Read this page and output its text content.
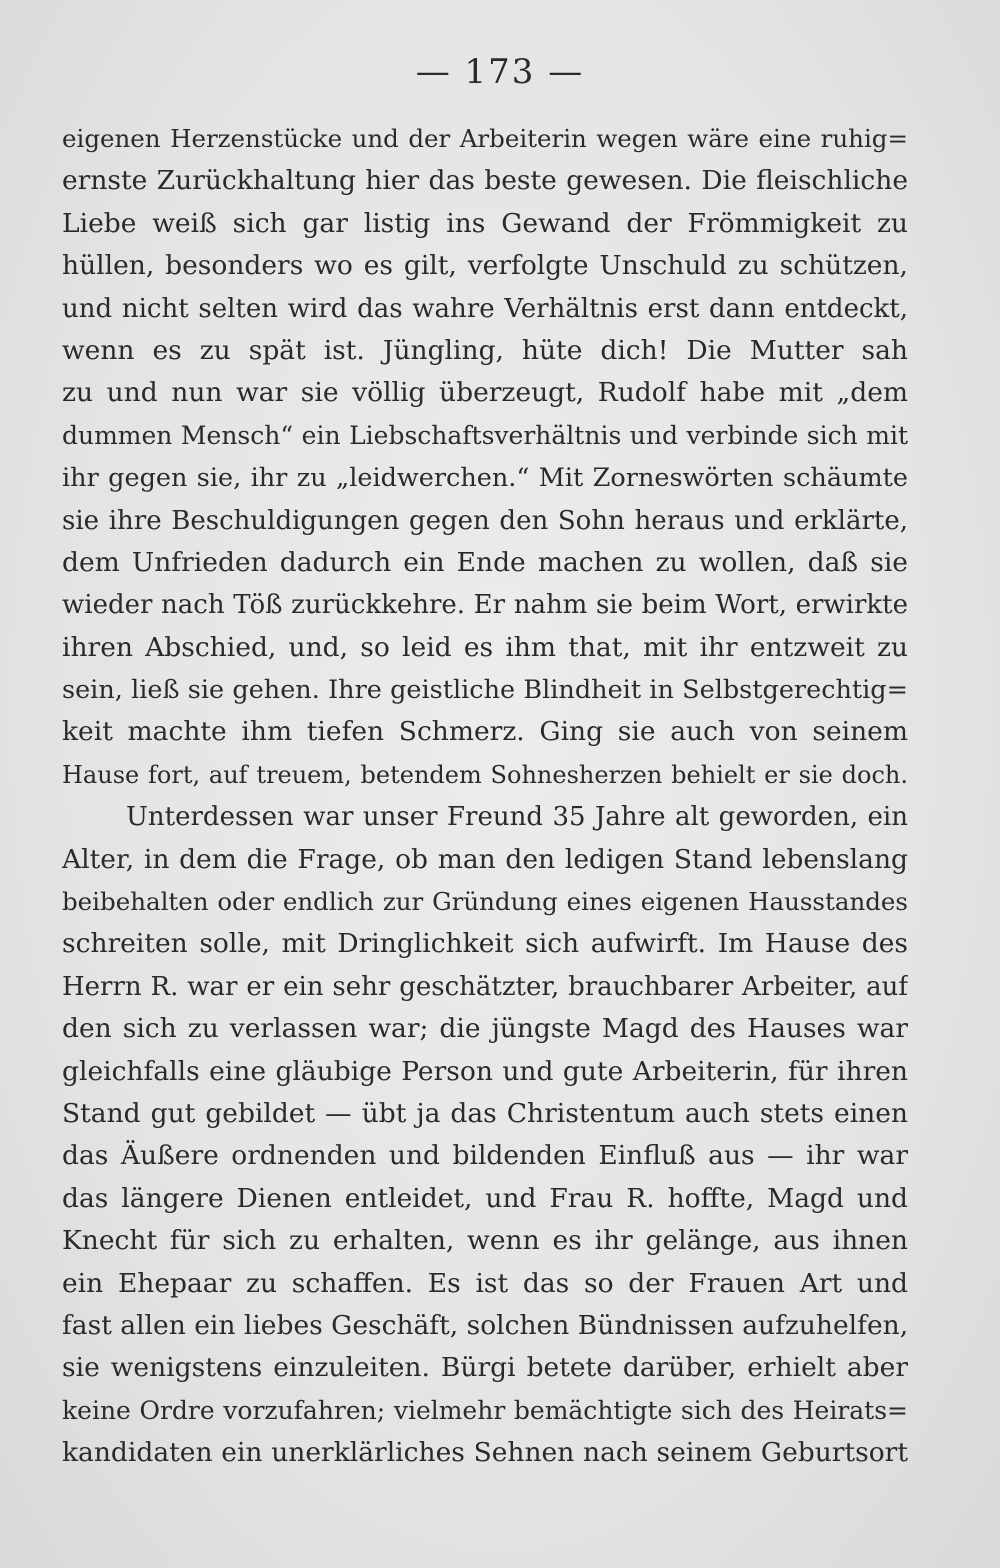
— 173 —
eigenen Herzenstücke und der Arbeiterin wegen wäre eine ruhig=
ernste Zurückhaltung hier das beste gewesen. Die fleischliche
Liebe weiß sich gar listig ins Gewand der Frömmigkeit zu
hüllen, besonders wo es gilt, verfolgte Unschuld zu schützen,
und nicht selten wird das wahre Verhältnis erst dann entdeckt,
wenn es zu spät ist. Jüngling, hüte dich! Die Mutter sah
zu und nun war sie völlig überzeugt, Rudolf habe mit „dem
dummen Mensch“ ein Liebschaftsverhältnis und verbinde sich mit
ihr gegen sie, ihr zu „leidwerchen.“ Mit Zorneswörten schäumte
sie ihre Beschuldigungen gegen den Sohn heraus und erklärte,
dem Unfrieden dadurch ein Ende machen zu wollen, daß sie
wieder nach Töß zurückkehre. Er nahm sie beim Wort, erwirkte
ihren Abschied, und, so leid es ihm that, mit ihr entzweit zu
sein, ließ sie gehen. Ihre geistliche Blindheit in Selbstgerechtig=
keit machte ihm tiefen Schmerz. Ging sie auch von seinem
Hause fort, auf treuem, betendem Sohnesherzen behielt er sie doch.
Unterdessen war unser Freund 35 Jahre alt geworden, ein
Alter, in dem die Frage, ob man den ledigen Stand lebenslang
beibehalten oder endlich zur Gründung eines eigenen Hausstandes
schreiten solle, mit Dringlichkeit sich aufwirft. Im Hause des
Herrn R. war er ein sehr geschätzter, brauchbarer Arbeiter, auf
den sich zu verlassen war; die jüngste Magd des Hauses war
gleichfalls eine gläubige Person und gute Arbeiterin, für ihren
Stand gut gebildet — übt ja das Christentum auch stets einen
das Äußere ordnenden und bildenden Einfluß aus — ihr war
das längere Dienen entleidet, und Frau R. hoffte, Magd und
Knecht für sich zu erhalten, wenn es ihr gelänge, aus ihnen
ein Ehepaar zu schaffen. Es ist das so der Frauen Art und
fast allen ein liebes Geschäft, solchen Bündnissen aufzuhelfen,
sie wenigstens einzuleiten. Bürgi betete darüber, erhielt aber
keine Ordre vorzufahren; vielmehr bemächtigte sich des Heirats=
kandidaten ein unerklärliches Sehnen nach seinem Geburtsort
